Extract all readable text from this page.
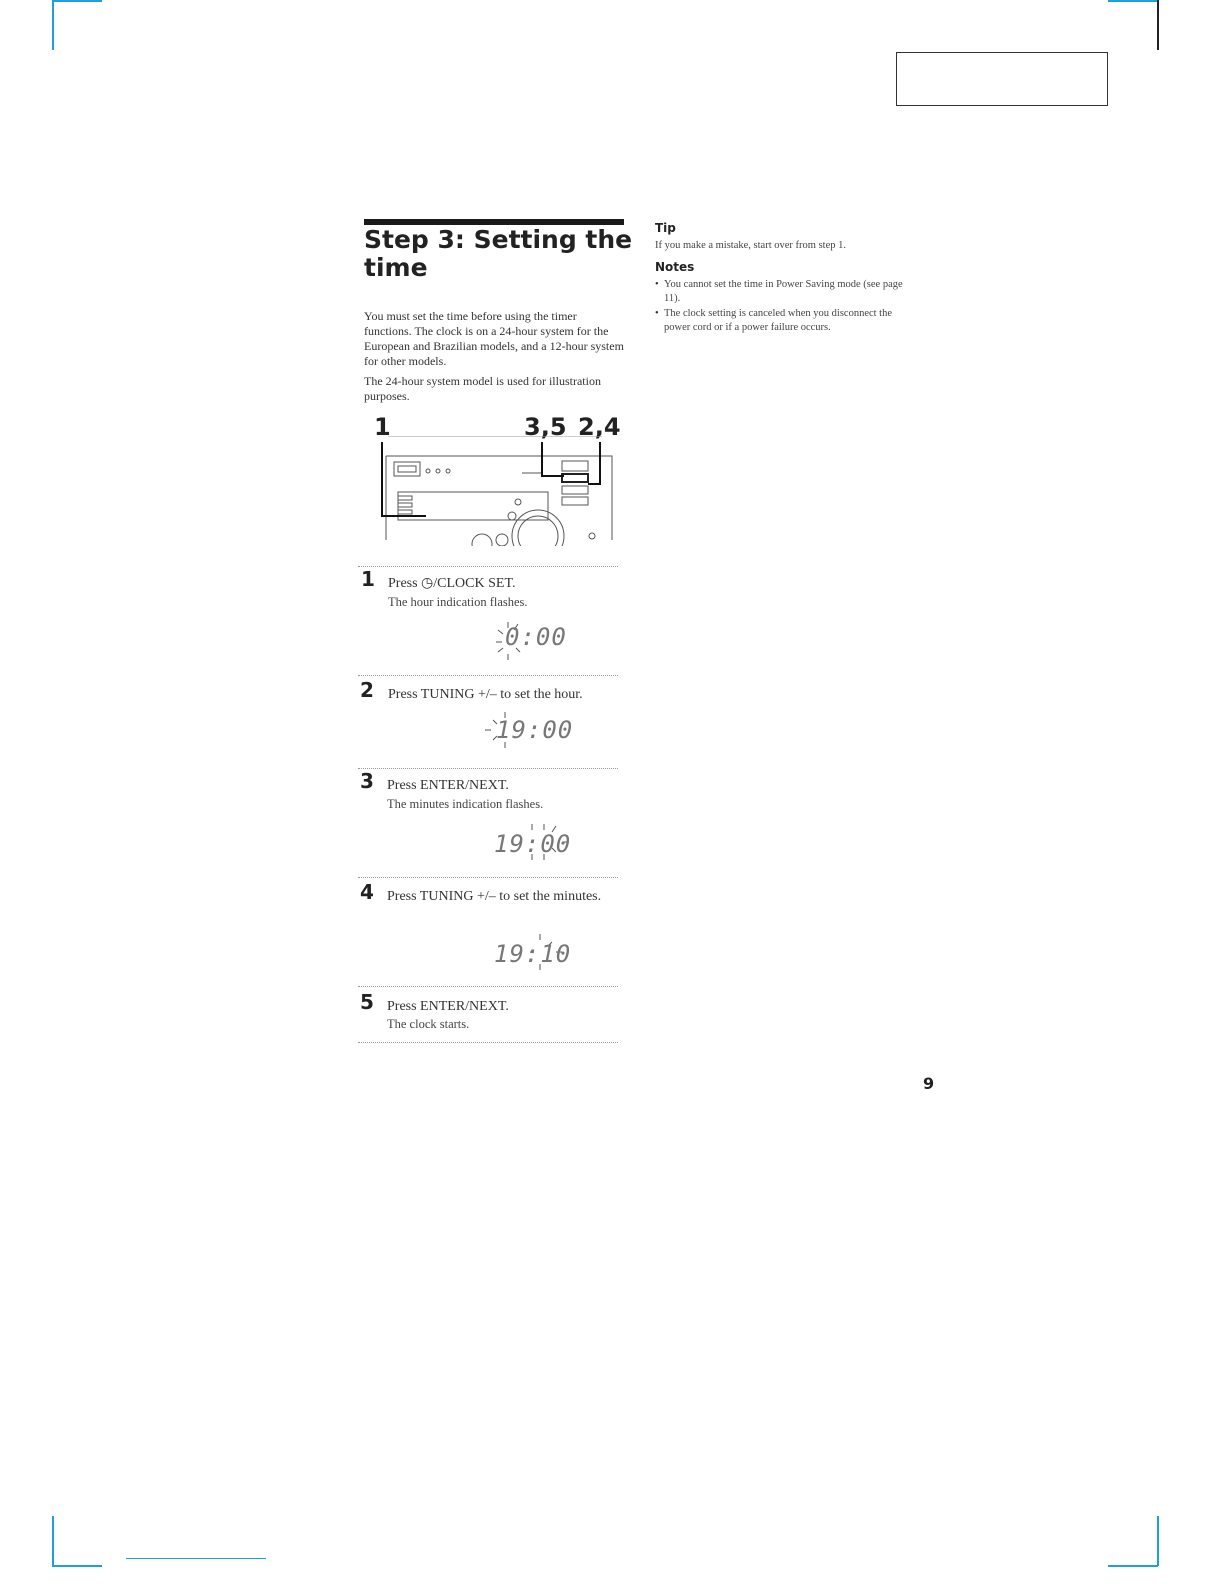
Step 3: Setting the time

You must set the time before using the timer functions. The clock is on a 24-hour system for the European and Brazilian models, and a 12-hour system for other models.

The 24-hour system model is used for illustration purposes.

1	3,5 2,4
1 Press ◷/CLOCK SET.
The hour indication flashes.
0:00
2 Press TUNING +/– to set the hour.
19:00
3 Press ENTER/NEXT.
The minutes indication flashes.
19:00
4 Press TUNING +/– to set the minutes.
19:10
5 Press ENTER/NEXT.
The clock starts.
Tip
If you make a mistake, start over from step 1.
Notes
• You cannot set the time in Power Saving mode (see page 11).
• The clock setting is canceled when you disconnect the power cord or if a power failure occurs.
9
